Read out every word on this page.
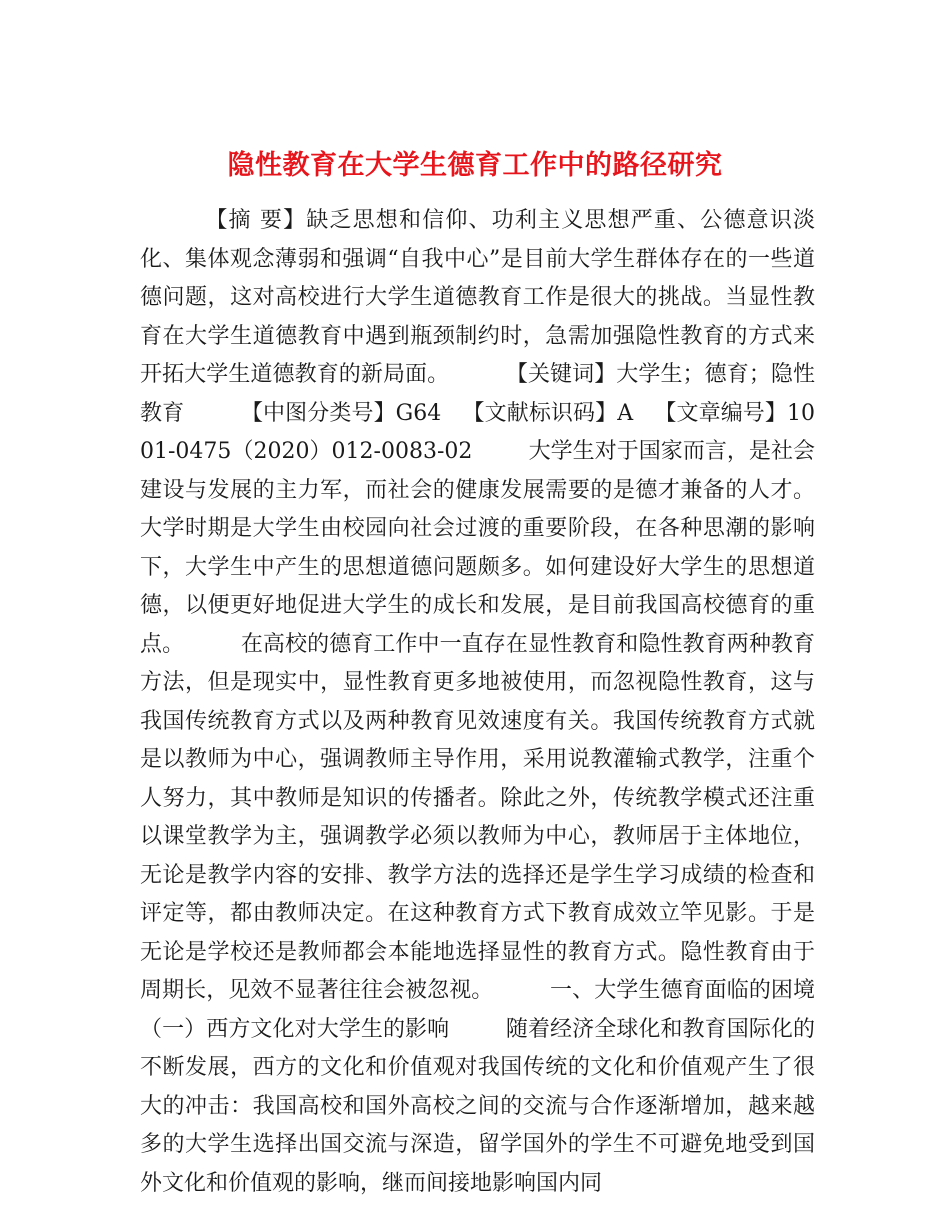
隐性教育在大学生德育工作中的路径研究

【摘 要】缺乏思想和信仰、功利主义思想严重、公德意识淡化、集体观念薄弱和强调“自我中心”是目前大学生群体存在的一些道德问题，这对高校进行大学生道德教育工作是很大的挑战。当显性教育在大学生道德教育中遇到瓶颈制约时，急需加强隐性教育的方式来开拓大学生道德教育的新局面。        【关键词】大学生；德育；隐性教育        【中图分类号】G64   【文献标识码】A   【文章编号】1001-0475（2020）012-0083-02        大学生对于国家而言，是社会建设与发展的主力军，而社会的健康发展需要的是德才兼备的人才。大学时期是大学生由校园向社会过渡的重要阶段，在各种思潮的影响下，大学生中产生的思想道德问题颇多。如何建设好大学生的思想道德，以便更好地促进大学生的成长和发展，是目前我国高校德育的重点。        在高校的德育工作中一直存在显性教育和隐性教育两种教育方法，但是现实中，显性教育更多地被使用，而忽视隐性教育，这与我国传统教育方式以及两种教育见效速度有关。我国传统教育方式就是以教师为中心，强调教师主导作用，采用说教灌输式教学，注重个人努力，其中教师是知识的传播者。除此之外，传统教学模式还注重以课堂教学为主，强调教学必须以教师为中心，教师居于主体地位，无论是教学内容的安排、教学方法的选择还是学生学习成绩的检查和评定等，都由教师决定。在这种教育方式下教育成效立竿见影。于是无论是学校还是教师都会本能地选择显性的教育方式。隐性教育由于周期长，见效不显著往往会被忽视。        一、大学生德育面临的困境        （一）西方文化对大学生的影响        随着经济全球化和教育国际化的不断发展，西方的文化和价值观对我国传统的文化和价值观产生了很大的冲击：我国高校和国外高校之间的交流与合作逐渐增加，越来越多的大学生选择出国交流与深造，留学国外的学生不可避免地受到国外文化和价值观的影响，继而间接地影响国内同
